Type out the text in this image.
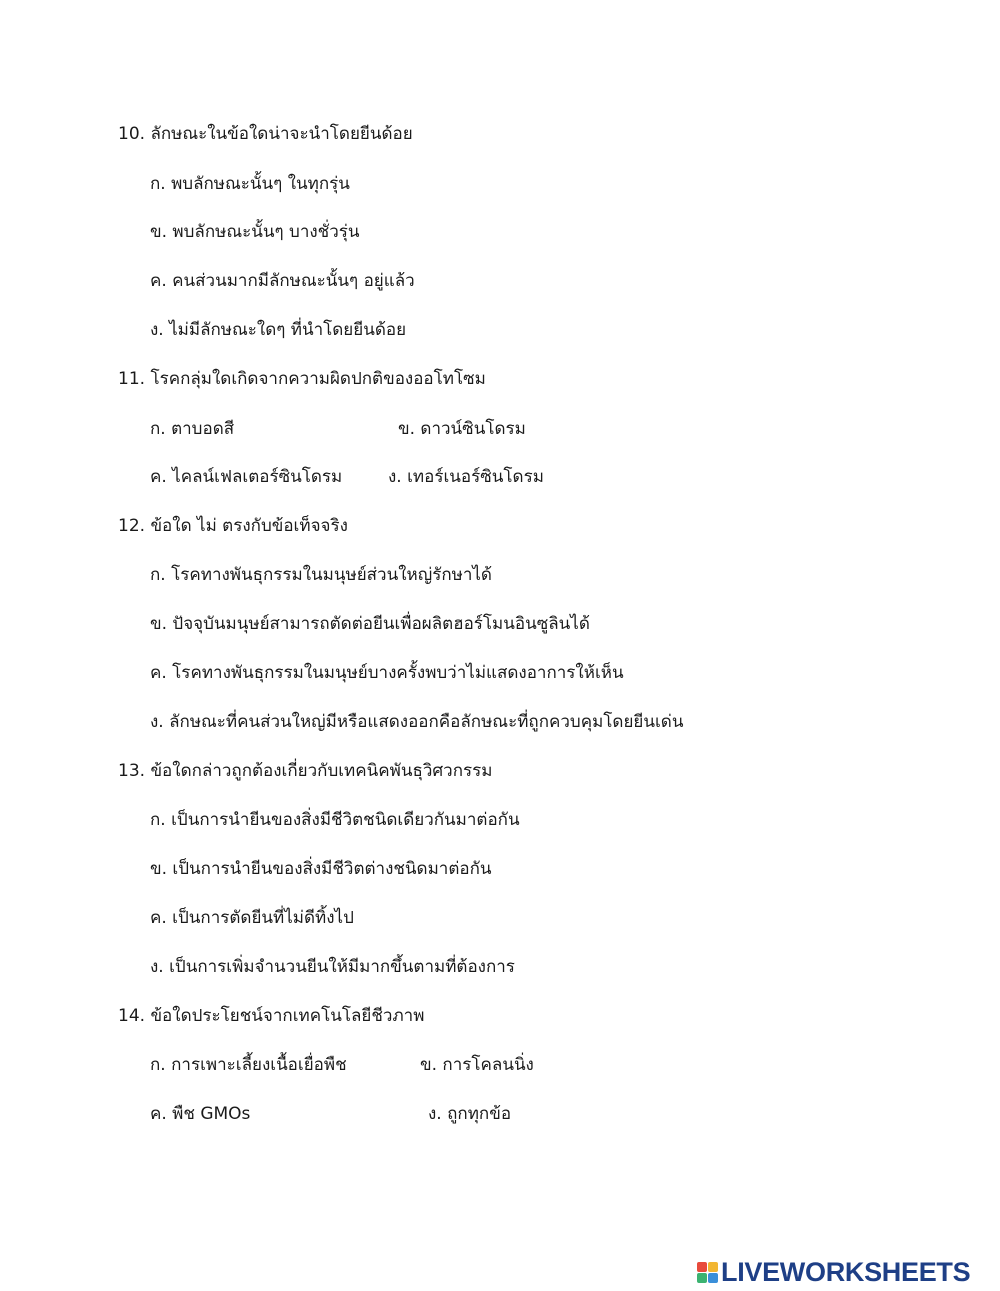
10. ลักษณะในข้อใดน่าจะนำโดยยีนด้อย
ก. พบลักษณะนั้นๆ ในทุกรุ่น
ข. พบลักษณะนั้นๆ บางชั่วรุ่น
ค. คนส่วนมากมีลักษณะนั้นๆ อยู่แล้ว
ง. ไม่มีลักษณะใดๆ ที่นำโดยยีนด้อย
11. โรคกลุ่มใดเกิดจากความผิดปกติของออโทโซม
ก. ตาบอดสี	ข. ดาวน์ซินโดรม
ค. ไคลน์เฟลเตอร์ซินโดรม	ง. เทอร์เนอร์ซินโดรม
12. ข้อใด ไม่ ตรงกับข้อเท็จจริง
ก. โรคทางพันธุกรรมในมนุษย์ส่วนใหญ่รักษาได้
ข. ปัจจุบันมนุษย์สามารถตัดต่อยีนเพื่อผลิตฮอร์โมนอินซูลินได้
ค. โรคทางพันธุกรรมในมนุษย์บางครั้งพบว่าไม่แสดงอาการให้เห็น
ง. ลักษณะที่คนส่วนใหญ่มีหรือแสดงออกคือลักษณะที่ถูกควบคุมโดยยีนเด่น
13. ข้อใดกล่าวถูกต้องเกี่ยวกับเทคนิคพันธุวิศวกรรม
ก. เป็นการนำยีนของสิ่งมีชีวิตชนิดเดียวกันมาต่อกัน
ข. เป็นการนำยีนของสิ่งมีชีวิตต่างชนิดมาต่อกัน
ค. เป็นการตัดยีนที่ไม่ดีทิ้งไป
ง. เป็นการเพิ่มจำนวนยีนให้มีมากขึ้นตามที่ต้องการ
14. ข้อใดประโยชน์จากเทคโนโลยีชีวภาพ
ก. การเพาะเลี้ยงเนื้อเยื่อพืช	ข. การโคลนนิ่ง
ค. พืช GMOs	ง. ถูกทุกข้อ
LIVEWORKSHEETS
